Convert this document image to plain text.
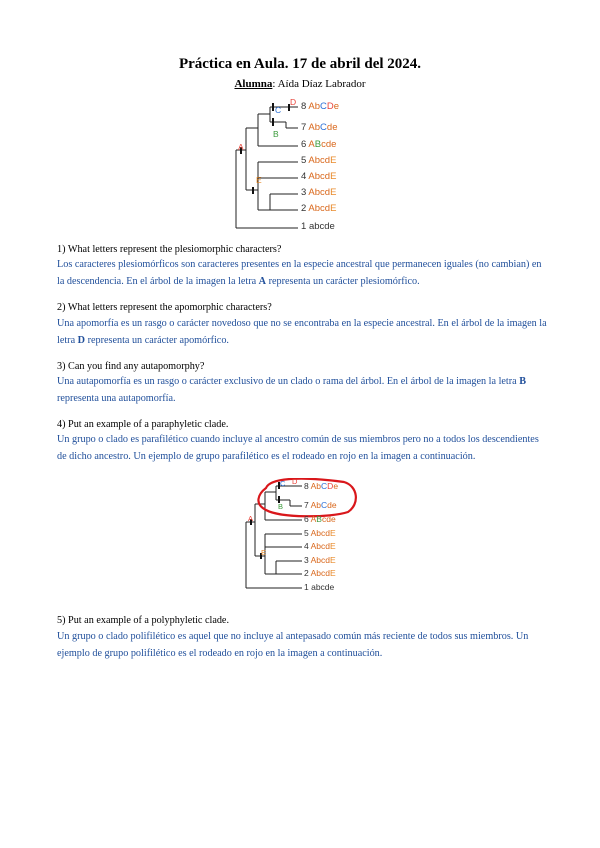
Práctica en Aula. 17 de abril del 2024.
Alumna: Aída Díaz Labrador
8 AbCDe
7 AbCde
6 ABcde
5 AbcdE
4 AbcdE
3 AbcdE
2 AbcdE
1 abcde
A
B
C
D
E
1) What letters represent the plesiomorphic characters?
Los caracteres plesiomórficos son caracteres presentes en la especie ancestral que permanecen iguales (no cambian) en la descendencia. En el árbol de la imagen la letra A representa un carácter plesiomórfico.
2) What letters represent the apomorphic characters?
Una apomorfía es un rasgo o carácter novedoso que no se encontraba en la especie ancestral. En el árbol de la imagen la letra D representa un carácter apomórfico.
3) Can you find any autapomorphy?
Una autapomorfía es un rasgo o carácter exclusivo de un clado o rama del árbol. En el árbol de la imagen la letra B representa una autapomorfía.
4) Put an example of a paraphyletic clade.
Un grupo o clado es parafilético cuando incluye al ancestro común de sus miembros pero no a todos los descendientes de dicho ancestro. Un ejemplo de grupo parafilético es el rodeado en rojo en la imagen a continuación.
8 AbCDe
7 AbCde
6 ABcde
5 AbcdE
4 AbcdE
3 AbcdE
2 AbcdE
1 abcde
A
B
C D
E
5) Put an example of a polyphyletic clade.
Un grupo o clado polifilético es aquel que no incluye al antepasado común más reciente de todos sus miembros. Un ejemplo de grupo polifilético es el rodeado en rojo en la imagen a continuación.
